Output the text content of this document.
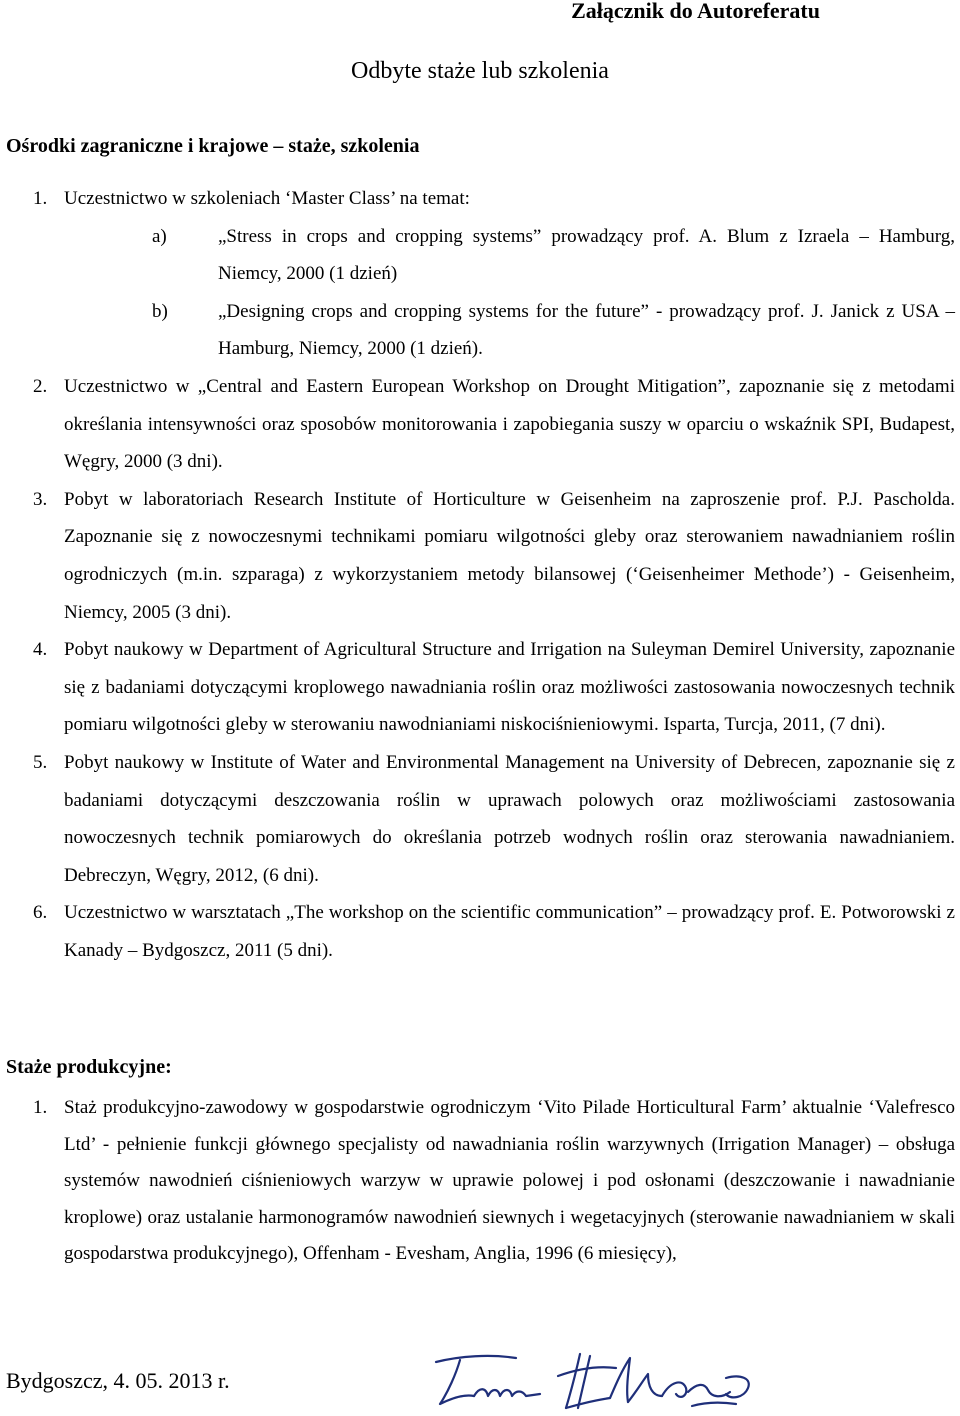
Załącznik do Autoreferatu
Odbyte staże lub szkolenia
Ośrodki zagraniczne i krajowe – staże, szkolenia
1. Uczestnictwo w szkoleniach ‘Master Class’ na temat:
a)	„Stress in crops and cropping systems” prowadzący prof. A. Blum z Izraela – Hamburg, Niemcy, 2000 (1 dzień)
b)	„Designing crops and cropping systems for the future” - prowadzący prof. J. Janick z USA – Hamburg, Niemcy, 2000 (1 dzień).
2. Uczestnictwo w „Central and Eastern European Workshop on Drought Mitigation”, zapoznanie się z metodami określania intensywności oraz sposobów monitorowania i zapobiegania suszy w oparciu o wskaźnik SPI, Budapest, Węgry, 2000 (3 dni).
3. Pobyt w laboratoriach Research Institute of Horticulture w Geisenheim na zaproszenie prof. P.J. Pascholda. Zapoznanie się z nowoczesnymi technikami pomiaru wilgotności gleby oraz sterowaniem nawadnianiem roślin ogrodniczych (m.in. szparaga) z wykorzystaniem metody bilansowej (‘Geisenheimer Methode’) - Geisenheim, Niemcy, 2005 (3 dni).
4. Pobyt naukowy w Department of Agricultural Structure and Irrigation na Suleyman Demirel University, zapoznanie się z badaniami dotyczącymi kroplowego nawadniania roślin oraz możliwości zastosowania nowoczesnych technik pomiaru wilgotności gleby w sterowaniu nawodnianiami niskociśnieniowymi. Isparta, Turcja, 2011, (7 dni).
5. Pobyt naukowy w Institute of Water and Environmental Management na University of Debrecen, zapoznanie się z badaniami dotyczącymi deszczowania roślin w uprawach polowych oraz możliwościami zastosowania nowoczesnych technik pomiarowych do określania potrzeb wodnych roślin oraz sterowania nawadnianiem. Debreczyn, Węgry, 2012, (6 dni).
6. Uczestnictwo w warsztatach „The workshop on the scientific communication” – prowadzący prof. E. Potworowski z Kanady – Bydgoszcz, 2011 (5 dni).
Staże produkcyjne:
1. Staż produkcyjno-zawodowy w gospodarstwie ogrodniczym ‘Vito Pilade Horticultural Farm’ aktualnie ‘Valefresco Ltd’ - pełnienie funkcji głównego specjalisty od nawadniania roślin warzywnych (Irrigation Manager) – obsługa systemów nawodnień ciśnieniowych warzyw w uprawie polowej i pod osłonami (deszczowanie i nawadnianie kroplowe) oraz ustalanie harmonogramów nawodnień siewnych i wegetacyjnych (sterowanie nawadnianiem w skali gospodarstwa produkcyjnego), Offenham - Evesham, Anglia, 1996 (6 miesięcy),
Bydgoszcz, 4. 05. 2013 r.
